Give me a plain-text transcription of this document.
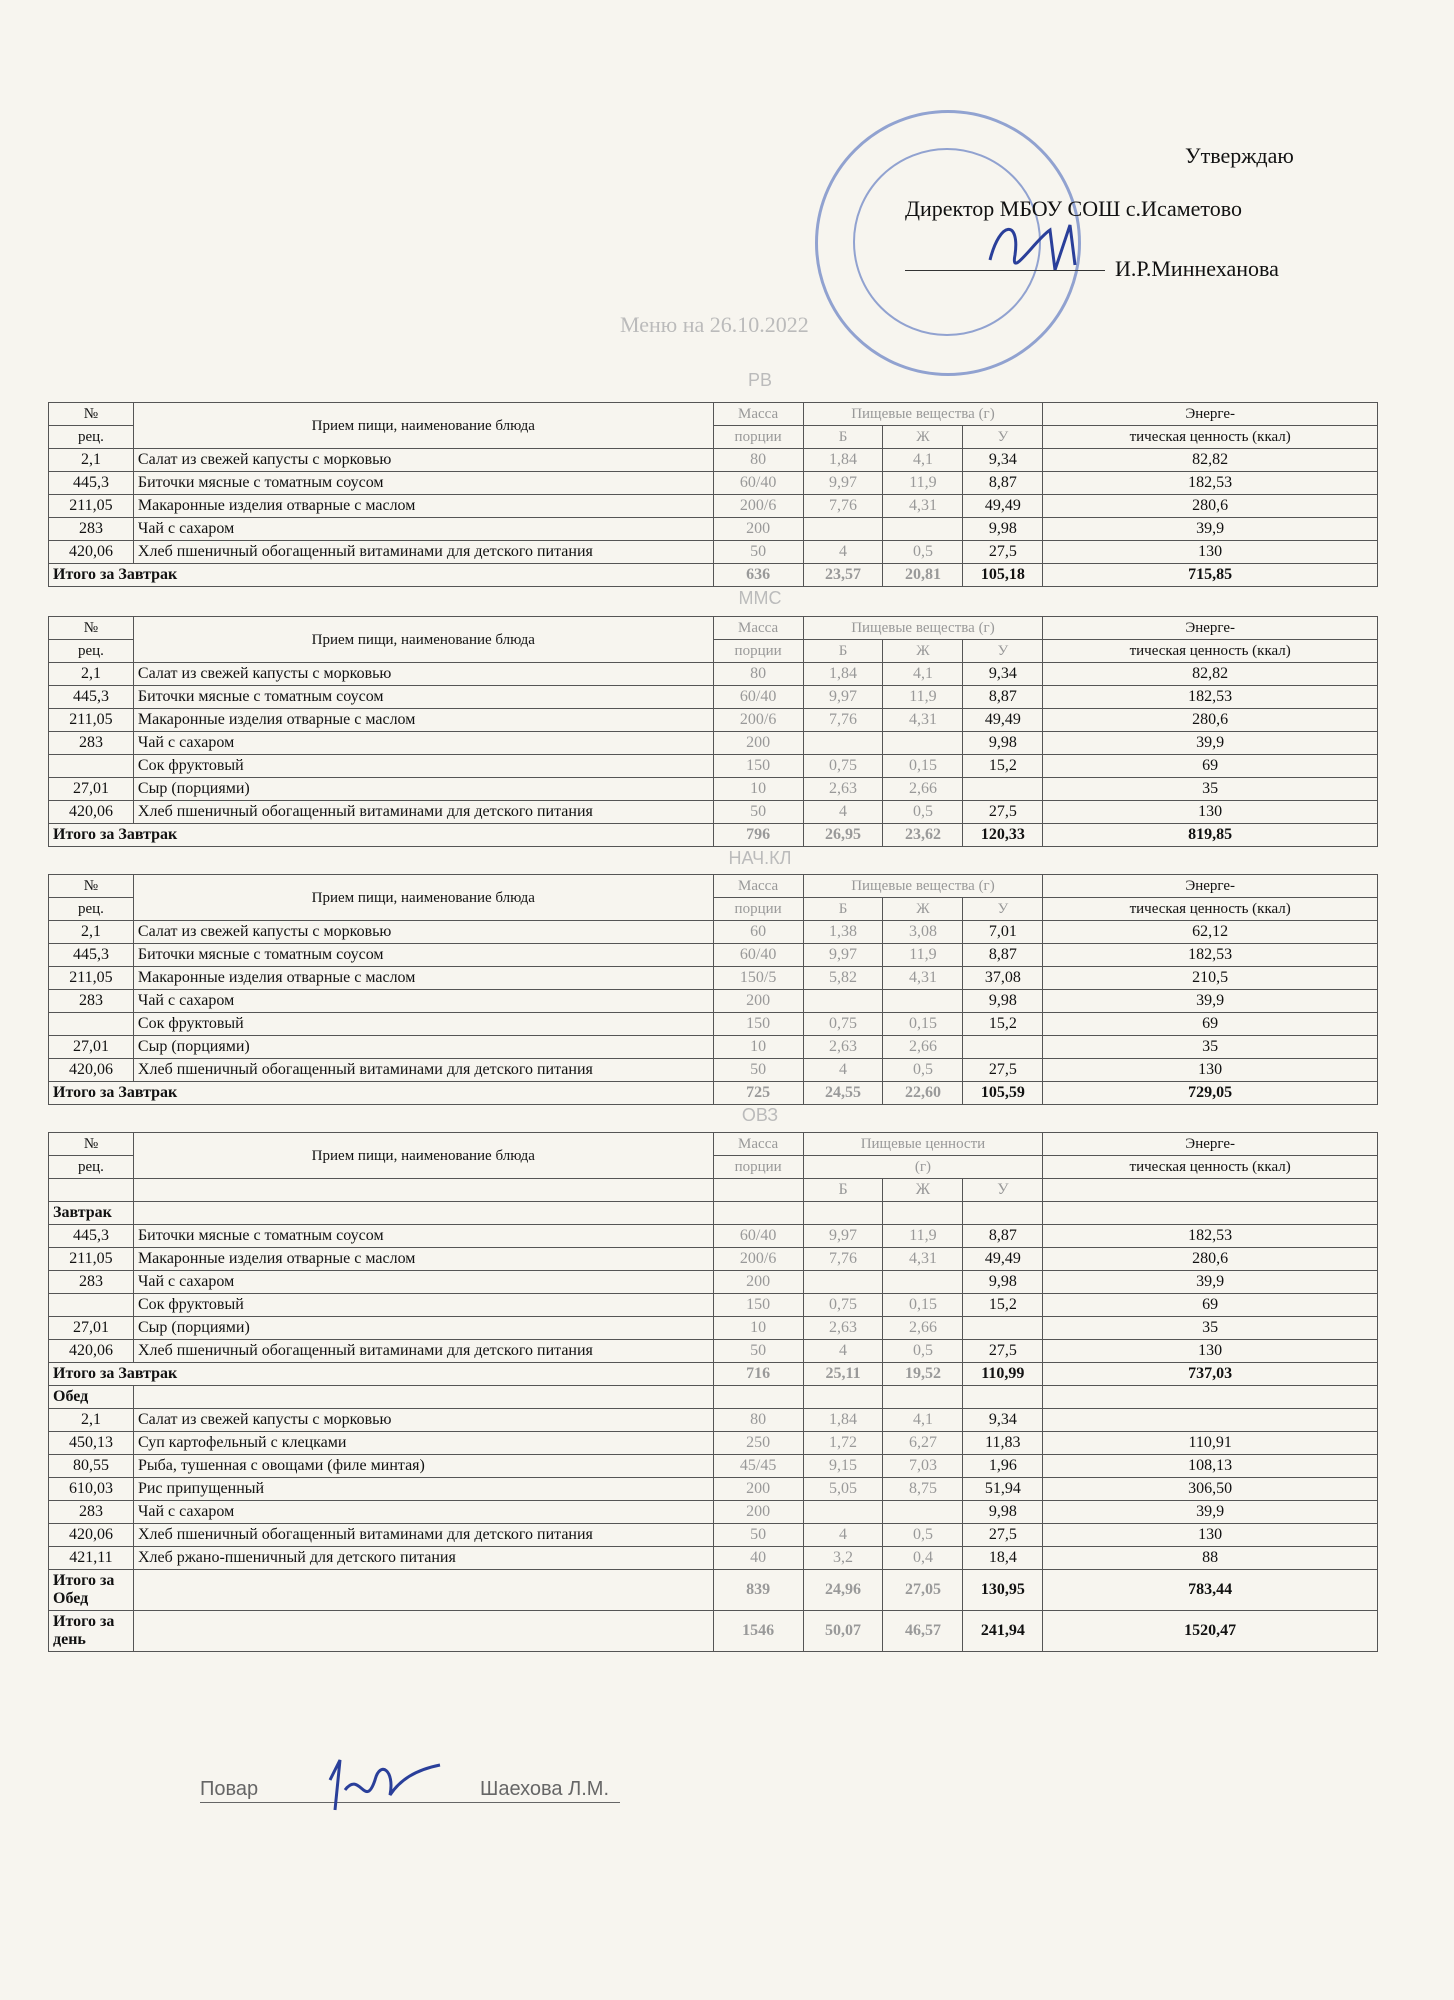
Утверждаю
Директор МБОУ СОШ с.Исаметово
И.Р.Миннеханова
Меню на 26.10.2022
РВ
№	Прием пищи, наименование блюда	Масса	Пищевые вещества (г)			Энерге-
рец.		порции	Б	Ж	У	тическая ценность (ккал)
2,1	Салат из свежей капусты с морковью	80	1,84	4,1	9,34	82,82
445,3	Биточки мясные с томатным соусом	60/40	9,97	11,9	8,87	182,53
211,05	Макаронные изделия отварные с маслом	200/6	7,76	4,31	49,49	280,6
283	Чай с сахаром	200			9,98	39,9
420,06	Хлеб пшеничный обогащенный витаминами для детского питания	50	4	0,5	27,5	130
Итого за Завтрак		636	23,57	20,81	105,18	715,85
ММС
№	Прием пищи, наименование блюда	Масса	Пищевые вещества (г)			Энерге-
рец.		порции	Б	Ж	У	тическая ценность (ккал)
2,1	Салат из свежей капусты с морковью	80	1,84	4,1	9,34	82,82
445,3	Биточки мясные с томатным соусом	60/40	9,97	11,9	8,87	182,53
211,05	Макаронные изделия отварные с маслом	200/6	7,76	4,31	49,49	280,6
283	Чай с сахаром	200			9,98	39,9
	Сок фруктовый	150	0,75	0,15	15,2	69
27,01	Сыр (порциями)	10	2,63	2,66		35
420,06	Хлеб пшеничный обогащенный витаминами для детского питания	50	4	0,5	27,5	130
Итого за Завтрак		796	26,95	23,62	120,33	819,85
НАЧ.КЛ
№	Прием пищи, наименование блюда	Масса	Пищевые вещества (г)			Энерге-
рец.		порции	Б	Ж	У	тическая ценность (ккал)
2,1	Салат из свежей капусты с морковью	60	1,38	3,08	7,01	62,12
445,3	Биточки мясные с томатным соусом	60/40	9,97	11,9	8,87	182,53
211,05	Макаронные изделия отварные с маслом	150/5	5,82	4,31	37,08	210,5
283	Чай с сахаром	200			9,98	39,9
	Сок фруктовый	150	0,75	0,15	15,2	69
27,01	Сыр (порциями)	10	2,63	2,66		35
420,06	Хлеб пшеничный обогащенный витаминами для детского питания	50	4	0,5	27,5	130
Итого за Завтрак		725	24,55	22,60	105,59	729,05
ОВЗ
№	Прием пищи, наименование блюда	Масса	Пищевые ценности			Энерге-
рец.		порции	(г)			тическая ценность (ккал)
			Б	Ж	У	
Завтрак						
445,3	Биточки мясные с томатным соусом	60/40	9,97	11,9	8,87	182,53
211,05	Макаронные изделия отварные с маслом	200/6	7,76	4,31	49,49	280,6
283	Чай с сахаром	200			9,98	39,9
	Сок фруктовый	150	0,75	0,15	15,2	69
27,01	Сыр (порциями)	10	2,63	2,66		35
420,06	Хлеб пшеничный обогащенный витаминами для детского питания	50	4	0,5	27,5	130
Итого за Завтрак		716	25,11	19,52	110,99	737,03
Обед						
2,1	Салат из свежей капусты с морковью	80	1,84	4,1	9,34	
450,13	Суп картофельный с клецками	250	1,72	6,27	11,83	110,91
80,55	Рыба, тушенная с овощами (филе минтая)	45/45	9,15	7,03	1,96	108,13
610,03	Рис припущенный	200	5,05	8,75	51,94	306,50
283	Чай с сахаром	200			9,98	39,9
420,06	Хлеб пшеничный обогащенный витаминами для детского питания	50	4	0,5	27,5	130
421,11	Хлеб ржано-пшеничный для детского питания	40	3,2	0,4	18,4	88
Итого за Обед		839	24,96	27,05	130,95	783,44
Итого за день		1546	50,07	46,57	241,94	1520,47
Повар	Шаехова Л.М.
